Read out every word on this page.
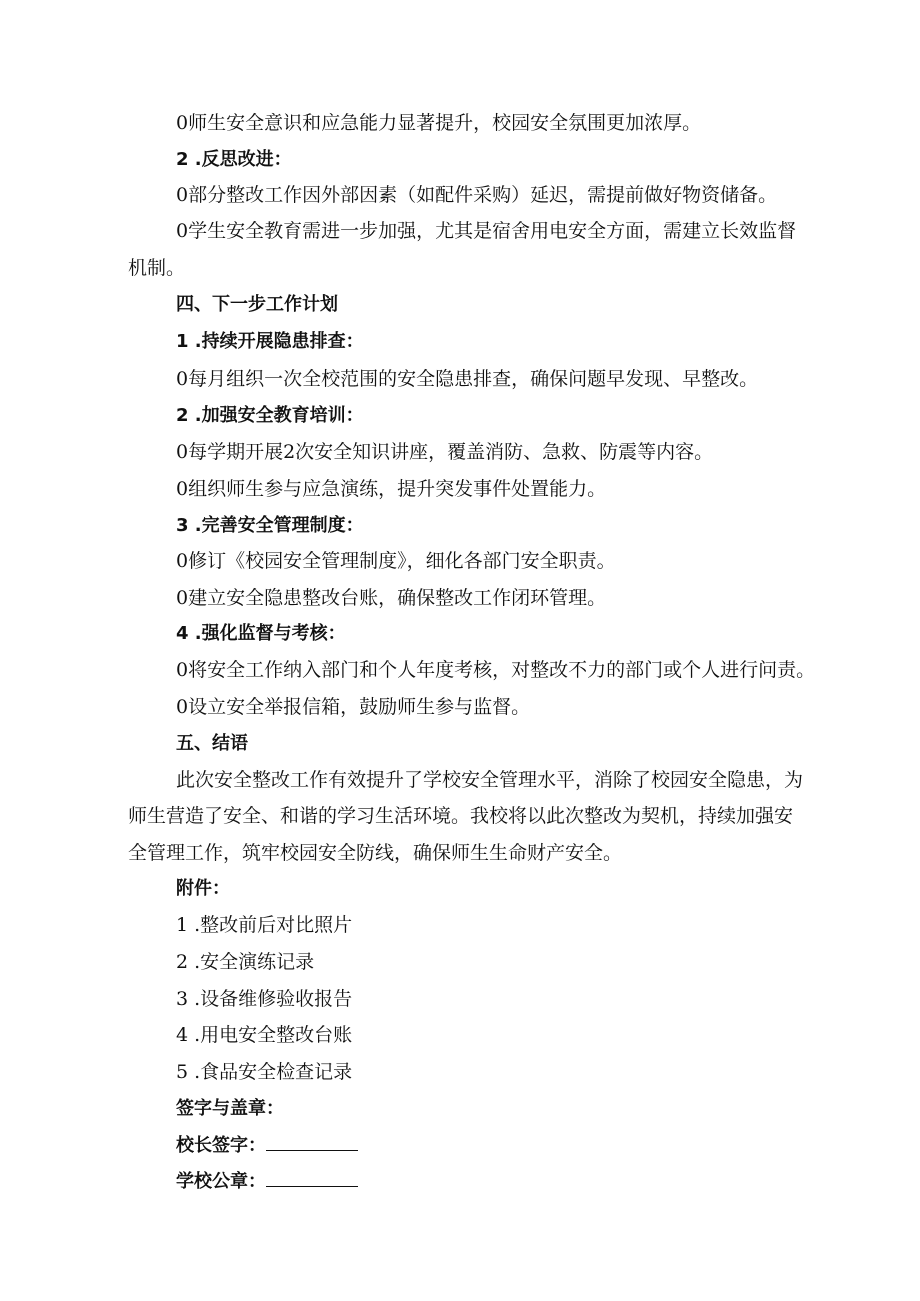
0师生安全意识和应急能力显著提升，校园安全氛围更加浓厚。
2 .反思改进：
0部分整改工作因外部因素（如配件采购）延迟，需提前做好物资储备。
0学生安全教育需进一步加强，尤其是宿舍用电安全方面，需建立长效监督
机制。
四、下一步工作计划
1 .持续开展隐患排查：
0每月组织一次全校范围的安全隐患排查，确保问题早发现、早整改。
2 .加强安全教育培训：
0每学期开展2次安全知识讲座，覆盖消防、急救、防震等内容。
0组织师生参与应急演练，提升突发事件处置能力。
3 .完善安全管理制度：
0修订《校园安全管理制度》，细化各部门安全职责。
0建立安全隐患整改台账，确保整改工作闭环管理。
4 .强化监督与考核：
0将安全工作纳入部门和个人年度考核，对整改不力的部门或个人进行问责。
0设立安全举报信箱，鼓励师生参与监督。
五、结语
此次安全整改工作有效提升了学校安全管理水平，消除了校园安全隐患，为
师生营造了安全、和谐的学习生活环境。我校将以此次整改为契机，持续加强安
全管理工作，筑牢校园安全防线，确保师生生命财产安全。
附件：
1 .整改前后对比照片
2 .安全演练记录
3 .设备维修验收报告
4 .用电安全整改台账
5 .食品安全检查记录
签字与盖章：
校长签字：
学校公章：
